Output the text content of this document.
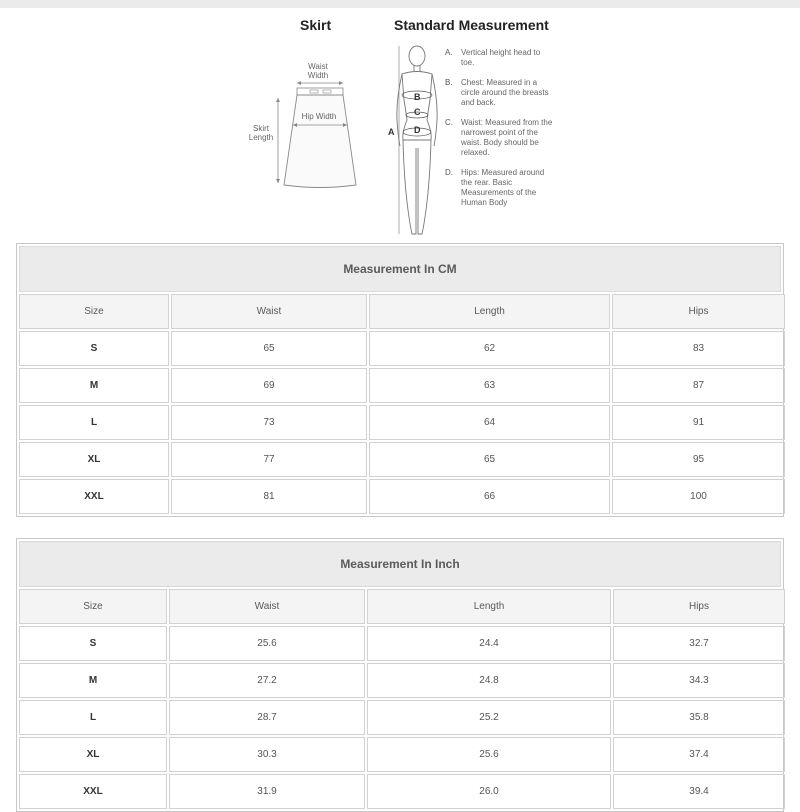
Skirt	Standard Measurement
Waist Width
Hip Width
Skirt Length
A
B
C
D
A. Vertical height head to toe.
B. Chest: Measured in a circle around the breasts and back.
C. Waist: Measured from the narrowest point of the waist. Body should be relaxed.
D. Hips: Measured around the rear. Basic Measurements of the Human Body
Measurement In CM
Size	Waist	Length	Hips
S	65	62	83
M	69	63	87
L	73	64	91
XL	77	65	95
XXL	81	66	100
Measurement In Inch
Size	Waist	Length	Hips
S	25.6	24.4	32.7
M	27.2	24.8	34.3
L	28.7	25.2	35.8
XL	30.3	25.6	37.4
XXL	31.9	26.0	39.4
